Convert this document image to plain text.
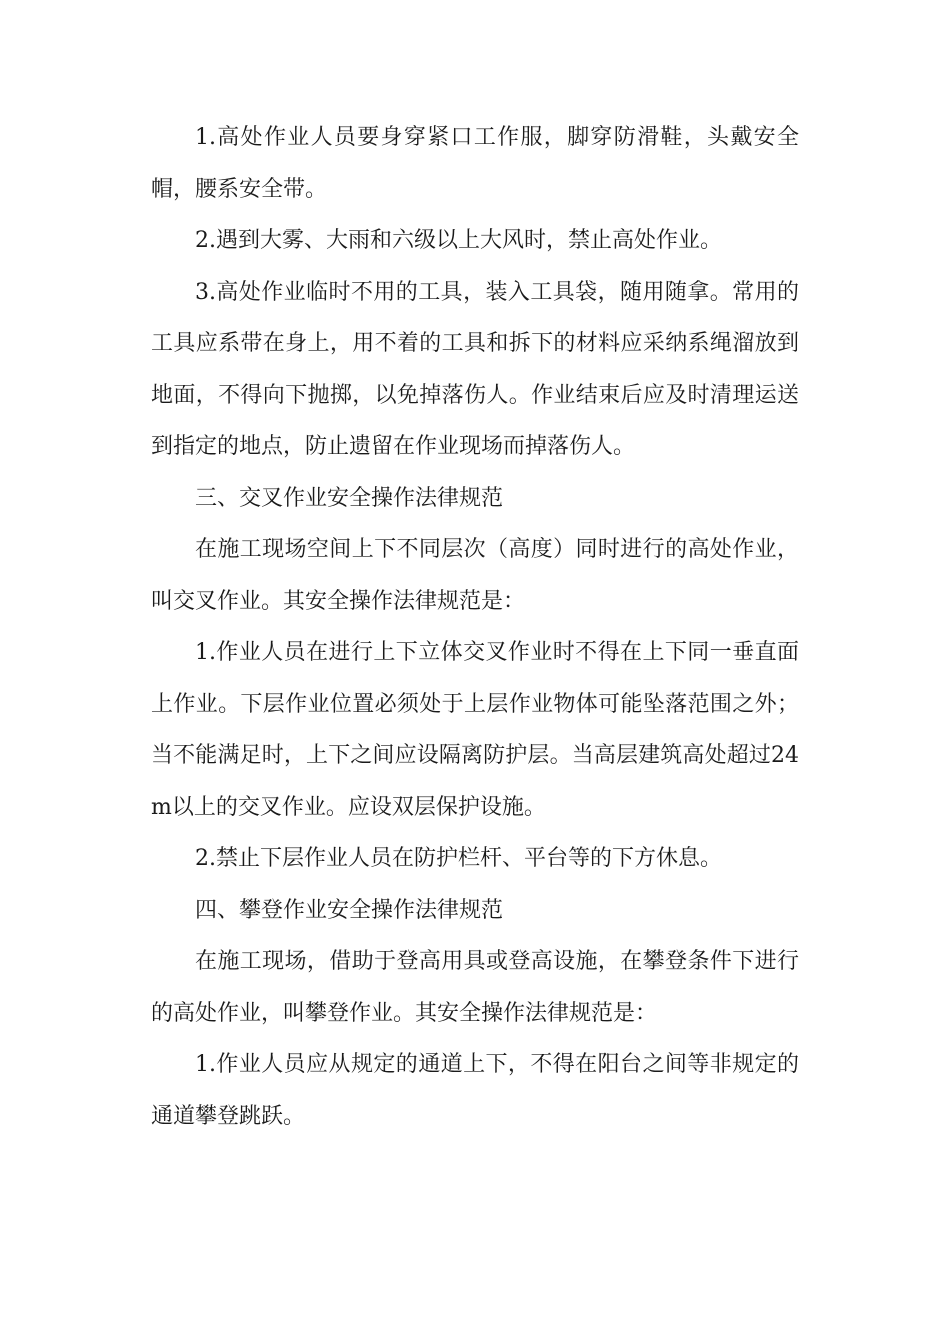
1.高处作业人员要身穿紧口工作服，脚穿防滑鞋，头戴安全帽，腰系安全带。

2.遇到大雾、大雨和六级以上大风时，禁止高处作业。

3.高处作业临时不用的工具，装入工具袋，随用随拿。常用的工具应系带在身上，用不着的工具和拆下的材料应采纳系绳溜放到地面，不得向下抛掷，以免掉落伤人。作业结束后应及时清理运送到指定的地点，防止遗留在作业现场而掉落伤人。

三、交叉作业安全操作法律规范

在施工现场空间上下不同层次（高度）同时进行的高处作业，叫交叉作业。其安全操作法律规范是：

1.作业人员在进行上下立体交叉作业时不得在上下同一垂直面上作业。下层作业位置必须处于上层作业物体可能坠落范围之外；当不能满足时，上下之间应设隔离防护层。当高层建筑高处超过24m以上的交叉作业。应设双层保护设施。

2.禁止下层作业人员在防护栏杆、平台等的下方休息。

四、攀登作业安全操作法律规范

在施工现场，借助于登高用具或登高设施，在攀登条件下进行的高处作业，叫攀登作业。其安全操作法律规范是：

1.作业人员应从规定的通道上下，不得在阳台之间等非规定的通道攀登跳跃。
